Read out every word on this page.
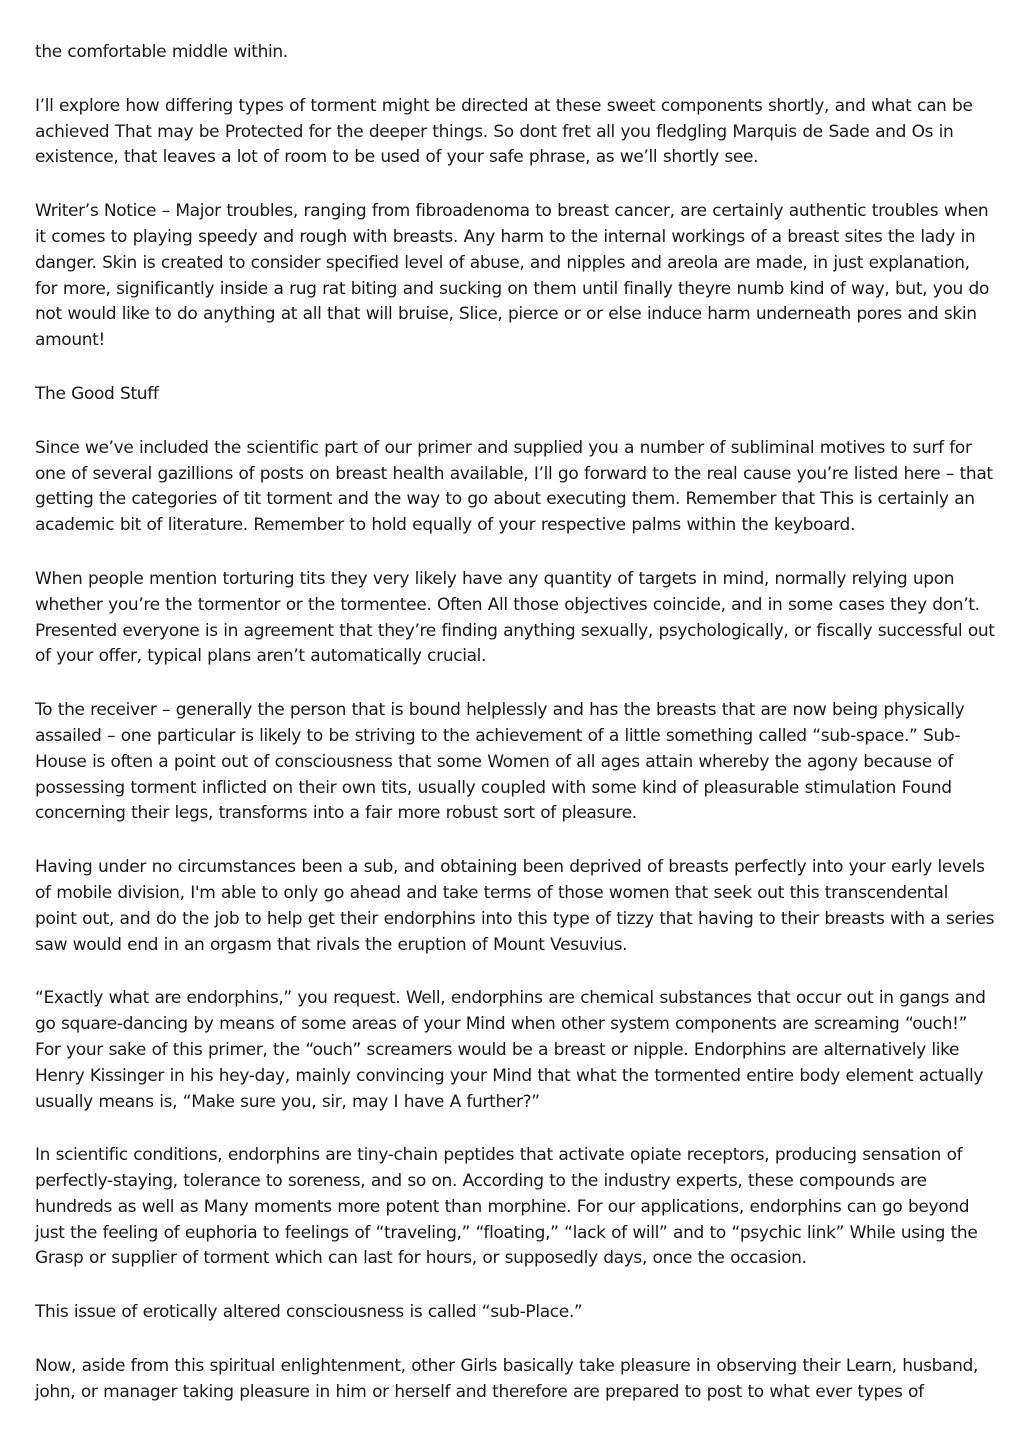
the comfortable middle within.

I’ll explore how differing types of torment might be directed at these sweet components shortly, and what can be achieved That may be Protected for the deeper things. So dont fret all you fledgling Marquis de Sade and Os in existence, that leaves a lot of room to be used of your safe phrase, as we’ll shortly see.

Writer’s Notice – Major troubles, ranging from fibroadenoma to breast cancer, are certainly authentic troubles when it comes to playing speedy and rough with breasts. Any harm to the internal workings of a breast sites the lady in danger. Skin is created to consider specified level of abuse, and nipples and areola are made, in just explanation, for more, significantly inside a rug rat biting and sucking on them until finally theyre numb kind of way, but, you do not would like to do anything at all that will bruise, Slice, pierce or or else induce harm underneath pores and skin amount!

The Good Stuff

Since we’ve included the scientific part of our primer and supplied you a number of subliminal motives to surf for one of several gazillions of posts on breast health available, I’ll go forward to the real cause you’re listed here – that getting the categories of tit torment and the way to go about executing them. Remember that This is certainly an academic bit of literature. Remember to hold equally of your respective palms within the keyboard.

When people mention torturing tits they very likely have any quantity of targets in mind, normally relying upon whether you’re the tormentor or the tormentee. Often All those objectives coincide, and in some cases they don’t. Presented everyone is in agreement that they’re finding anything sexually, psychologically, or fiscally successful out of your offer, typical plans aren’t automatically crucial.

To the receiver – generally the person that is bound helplessly and has the breasts that are now being physically assailed – one particular is likely to be striving to the achievement of a little something called “sub-space.” Sub-House is often a point out of consciousness that some Women of all ages attain whereby the agony because of possessing torment inflicted on their own tits, usually coupled with some kind of pleasurable stimulation Found concerning their legs, transforms into a fair more robust sort of pleasure.

Having under no circumstances been a sub, and obtaining been deprived of breasts perfectly into your early levels of mobile division, I'm able to only go ahead and take terms of those women that seek out this transcendental point out, and do the job to help get their endorphins into this type of tizzy that having to their breasts with a series saw would end in an orgasm that rivals the eruption of Mount Vesuvius.

“Exactly what are endorphins,” you request. Well, endorphins are chemical substances that occur out in gangs and go square-dancing by means of some areas of your Mind when other system components are screaming “ouch!” For your sake of this primer, the “ouch” screamers would be a breast or nipple. Endorphins are alternatively like Henry Kissinger in his hey-day, mainly convincing your Mind that what the tormented entire body element actually usually means is, “Make sure you, sir, may I have A further?”

In scientific conditions, endorphins are tiny-chain peptides that activate opiate receptors, producing sensation of perfectly-staying, tolerance to soreness, and so on. According to the industry experts, these compounds are hundreds as well as Many moments more potent than morphine. For our applications, endorphins can go beyond just the feeling of euphoria to feelings of “traveling,” “floating,” “lack of will” and to “psychic link” While using the Grasp or supplier of torment which can last for hours, or supposedly days, once the occasion.

This issue of erotically altered consciousness is called “sub-Place.”

Now, aside from this spiritual enlightenment, other Girls basically take pleasure in observing their Learn, husband, john, or manager taking pleasure in him or herself and therefore are prepared to post to what ever types of
